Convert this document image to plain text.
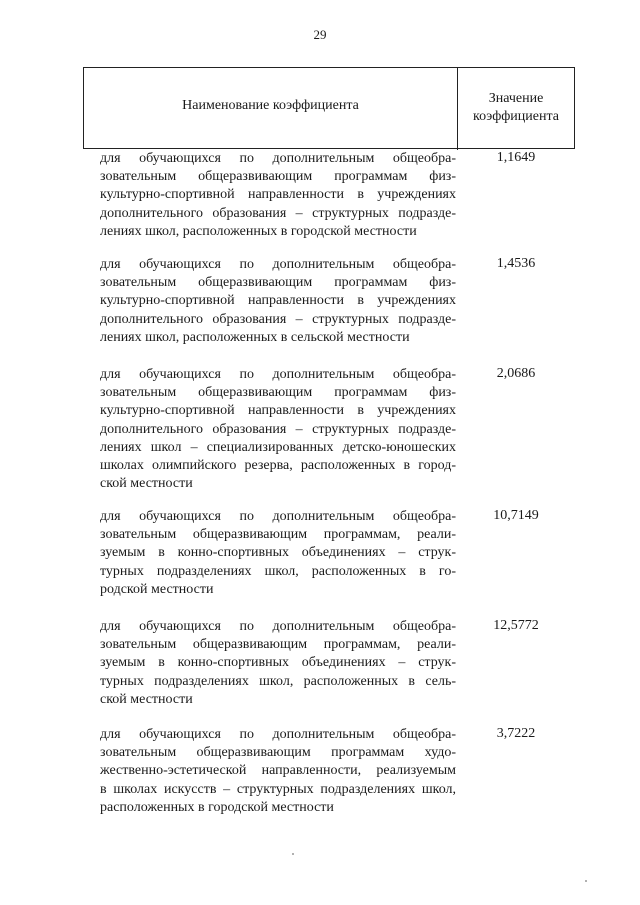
29
Наименование коэффициента	Значение
коэффициента
для обучающихся по дополнительным общеобра-
зовательным общеразвивающим программам физ-
культурно-спортивной направленности в учреждениях
дополнительного образования – структурных подразде-
лениях школ, расположенных в городской местности
1,1649
для обучающихся по дополнительным общеобра-
зовательным общеразвивающим программам физ-
культурно-спортивной направленности в учреждениях
дополнительного образования – структурных подразде-
лениях школ, расположенных в сельской местности
1,4536
для обучающихся по дополнительным общеобра-
зовательным общеразвивающим программам физ-
культурно-спортивной направленности в учреждениях
дополнительного образования – структурных подразде-
лениях школ – специализированных детско-юношеских
школах олимпийского резерва, расположенных в город-
ской местности
2,0686
для обучающихся по дополнительным общеобра-
зовательным общеразвивающим программам, реали-
зуемым в конно-спортивных объединениях – струк-
турных подразделениях школ, расположенных в го-
родской местности
10,7149
для обучающихся по дополнительным общеобра-
зовательным общеразвивающим программам, реали-
зуемым в конно-спортивных объединениях – струк-
турных подразделениях школ, расположенных в сель-
ской местности
12,5772
для обучающихся по дополнительным общеобра-
зовательным общеразвивающим программам худо-
жественно-эстетической направленности, реализуемым
в школах искусств – структурных подразделениях школ,
расположенных в городской местности
3,7222
